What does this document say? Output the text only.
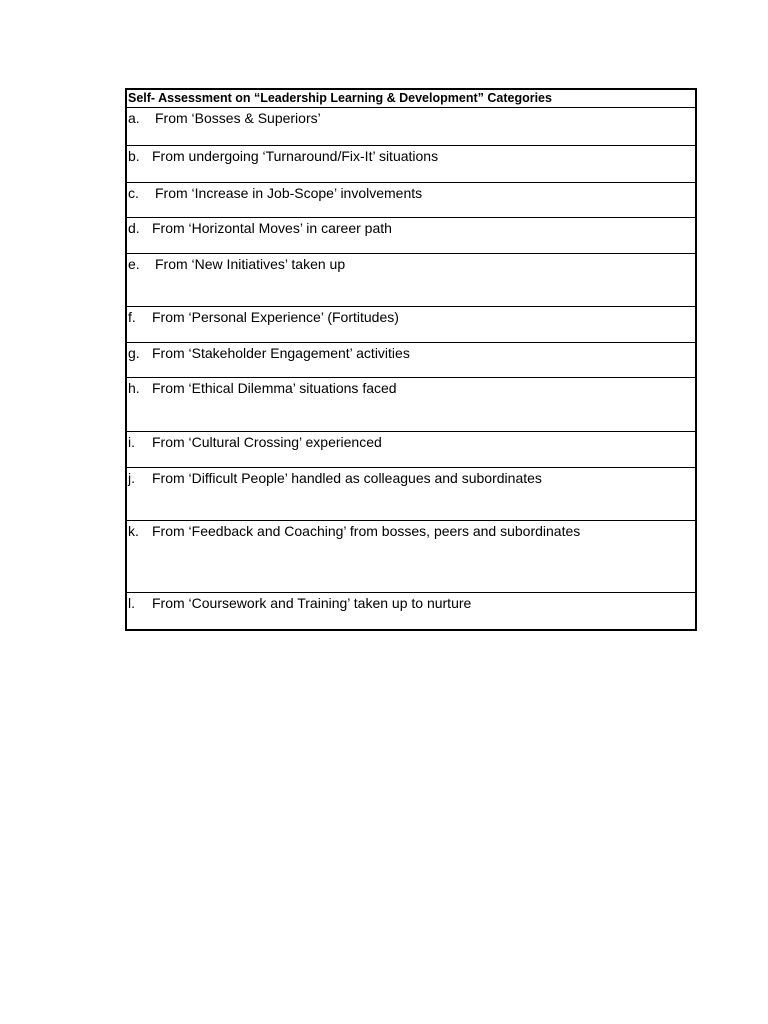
Self- Assessment on “Leadership Learning & Development” Categories
a.	From ‘Bosses & Superiors’
b. From undergoing ‘Turnaround/Fix-It’ situations
c.	From ‘Increase in Job-Scope’ involvements
d. From ‘Horizontal Moves’ in career path
e.	From ‘New Initiatives’ taken up
f.	From ‘Personal Experience’ (Fortitudes)
g. From ‘Stakeholder Engagement’ activities
h. From ‘Ethical Dilemma’ situations faced
i.	From ‘Cultural Crossing’ experienced
j.	From ‘Difficult People’ handled as colleagues and subordinates
k. From ‘Feedback and Coaching’ from bosses, peers and subordinates
l.	From ‘Coursework and Training’ taken up to nurture
